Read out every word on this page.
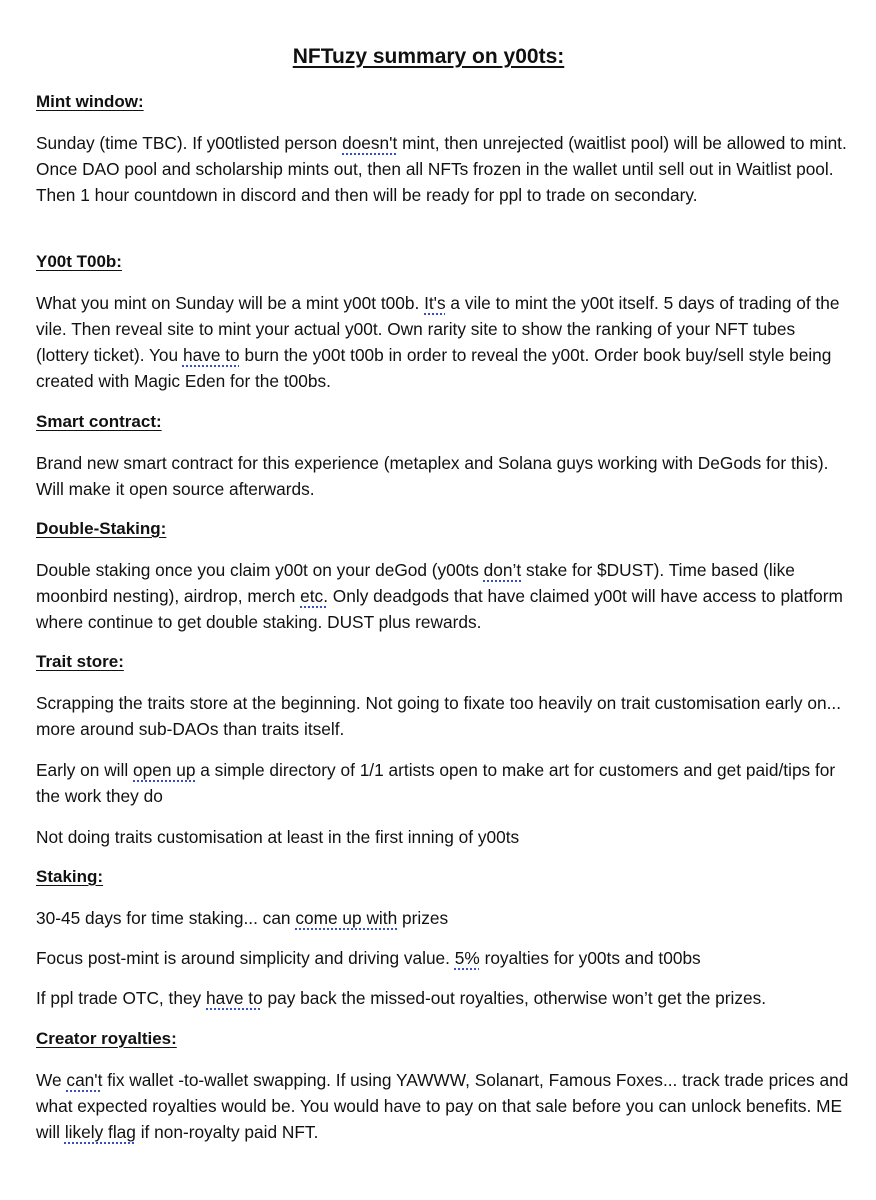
NFTuzy summary on y00ts:
Mint window:
Sunday (time TBC). If y00tlisted person doesn't mint, then unrejected (waitlist pool) will be allowed to mint. Once DAO pool and scholarship mints out, then all NFTs frozen in the wallet until sell out in Waitlist pool. Then 1 hour countdown in discord and then will be ready for ppl to trade on secondary.
Y00t T00b:
What you mint on Sunday will be a mint y00t t00b. It's a vile to mint the y00t itself. 5 days of trading of the vile. Then reveal site to mint your actual y00t. Own rarity site to show the ranking of your NFT tubes (lottery ticket). You have to burn the y00t t00b in order to reveal the y00t. Order book buy/sell style being created with Magic Eden for the t00bs.
Smart contract:
Brand new smart contract for this experience (metaplex and Solana guys working with DeGods for this). Will make it open source afterwards.
Double-Staking:
Double staking once you claim y00t on your deGod (y00ts don’t stake for $DUST). Time based (like moonbird nesting), airdrop, merch etc. Only deadgods that have claimed y00t will have access to platform where continue to get double staking. DUST plus rewards.
Trait store:
Scrapping the traits store at the beginning. Not going to fixate too heavily on trait customisation early on... more around sub-DAOs than traits itself.
Early on will open up a simple directory of 1/1 artists open to make art for customers and get paid/tips for the work they do
Not doing traits customisation at least in the first inning of y00ts
Staking:
30-45 days for time staking... can come up with prizes
Focus post-mint is around simplicity and driving value. 5% royalties for y00ts and t00bs
If ppl trade OTC, they have to pay back the missed-out royalties, otherwise won’t get the prizes.
Creator royalties:
We can't fix wallet -to-wallet swapping. If using YAWWW, Solanart, Famous Foxes... track trade prices and what expected royalties would be. You would have to pay on that sale before you can unlock benefits. ME will likely flag if non-royalty paid NFT.
